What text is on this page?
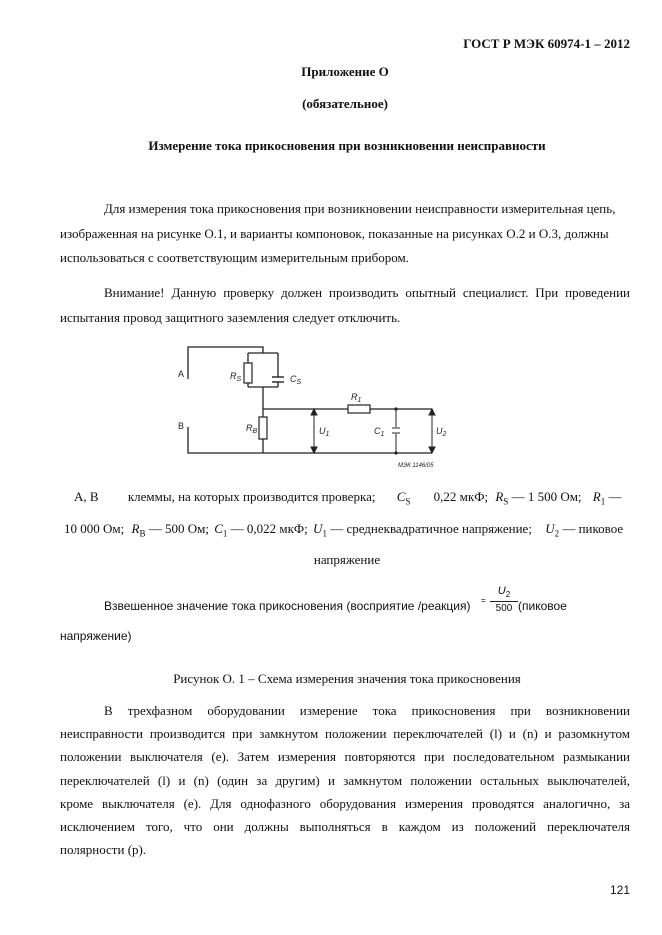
ГОСТ Р МЭК 60974-1 – 2012
Приложение О
(обязательное)
Измерение тока прикосновения при возникновении неисправности
Для измерения тока прикосновения при возникновении неисправности измерительная цепь,
изображенная на рисунке О.1, и варианты компоновок, показанные на рисунках О.2 и О.3, должны
использоваться с соответствующим измерительным прибором.
Внимание! Данную проверку должен производить опытный специалист. При проведении
испытания провод защитного заземления следует отключить.
A
B
$R_S$	$C_S$
$R_1$
$R_B$	$U_1$	$C_1$	$U_2$
МЭК 1146/05
A, B клеммы, на которых производится проверка; $C_S$ 0,22 мкФ; $R_S$ — 1 500 Ом; $R_1$ —
10 000 Ом; $R_B$ — 500 Ом; $C_1$ — 0,022 мкФ; $U_1$ — среднеквадратичное напряжение; $U_2$ — пиковое
напряжение
Взвешенное значение тока прикосновения (восприятие /реакция) = $\frac{U_2}{500}$ (пиковое
напряжение)
Рисунок О. 1 – Схема измерения значения тока прикосновения
В трехфазном оборудовании измерение тока прикосновения при возникновении
неисправности производится при замкнутом положении переключателей (l) и (n) и разомкнутом
положении выключателя (e). Затем измерения повторяются при последовательном размыкании
переключателей (l) и (n) (один за другим) и замкнутом положении остальных выключателей,
кроме выключателя (e). Для однофазного оборудования измерения проводятся аналогично, за
исключением того, что они должны выполняться в каждом из положений переключателя
полярности (p).
121
